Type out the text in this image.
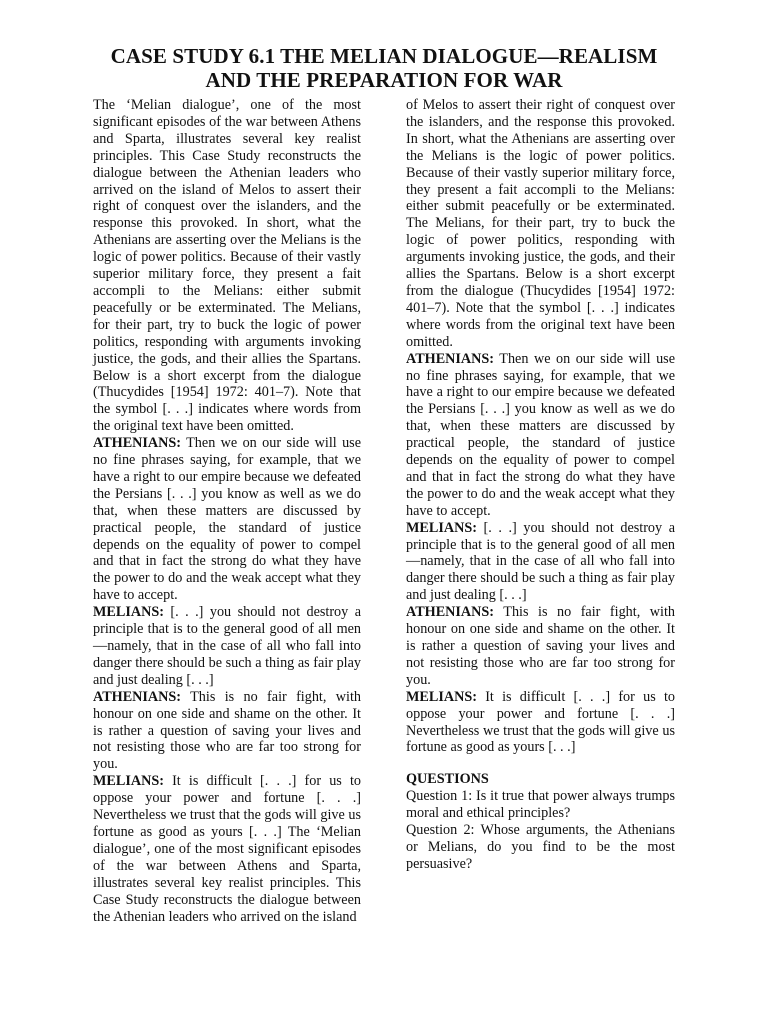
CASE STUDY 6.1 THE MELIAN DIALOGUE—REALISM
AND THE PREPARATION FOR WAR

The ‘Melian dialogue’, one of the most significant episodes of the war between Athens and Sparta, illustrates several key realist principles. This Case Study reconstructs the dialogue between the Athenian leaders who arrived on the island of Melos to assert their right of conquest over the islanders, and the response this provoked. In short, what the Athenians are asserting over the Melians is the logic of power politics. Because of their vastly superior military force, they present a fait accompli to the Melians: either submit peacefully or be exterminated. The Melians, for their part, try to buck the logic of power politics, responding with arguments invoking justice, the gods, and their allies the Spartans. Below is a short excerpt from the dialogue (Thucydides [1954] 1972: 401–7). Note that the symbol [. . .] indicates where words from the original text have been omitted.

ATHENIANS: Then we on our side will use no fine phrases saying, for example, that we have a right to our empire because we defeated the Persians [. . .] you know as well as we do that, when these matters are discussed by practical people, the standard of justice depends on the equality of power to compel and that in fact the strong do what they have the power to do and the weak accept what they have to accept.

MELIANS: [. . .] you should not destroy a principle that is to the general good of all men—namely, that in the case of all who fall into danger there should be such a thing as fair play and just dealing [. . .]

ATHENIANS: This is no fair fight, with honour on one side and shame on the other. It is rather a question of saving your lives and not resisting those who are far too strong for you.

MELIANS: It is difficult [. . .] for us to oppose your power and fortune [. . .] Nevertheless we trust that the gods will give us fortune as good as yours [. . .] The ‘Melian dialogue’, one of the most significant episodes of the war between Athens and Sparta, illustrates several key realist principles. This Case Study reconstructs the dialogue between the Athenian leaders who arrived on the island

of Melos to assert their right of conquest over the islanders, and the response this provoked. In short, what the Athenians are asserting over the Melians is the logic of power politics. Because of their vastly superior military force, they present a fait accompli to the Melians: either submit peacefully or be exterminated. The Melians, for their part, try to buck the logic of power politics, responding with arguments invoking justice, the gods, and their allies the Spartans. Below is a short excerpt from the dialogue (Thucydides [1954] 1972: 401–7). Note that the symbol [. . .] indicates where words from the original text have been omitted.

ATHENIANS: Then we on our side will use no fine phrases saying, for example, that we have a right to our empire because we defeated the Persians [. . .] you know as well as we do that, when these matters are discussed by practical people, the standard of justice depends on the equality of power to compel and that in fact the strong do what they have the power to do and the weak accept what they have to accept.

MELIANS: [. . .] you should not destroy a principle that is to the general good of all men—namely, that in the case of all who fall into danger there should be such a thing as fair play and just dealing [. . .]

ATHENIANS: This is no fair fight, with honour on one side and shame on the other. It is rather a question of saving your lives and not resisting those who are far too strong for you.

MELIANS: It is difficult [. . .] for us to oppose your power and fortune [. . .] Nevertheless we trust that the gods will give us fortune as good as yours [. . .]

QUESTIONS

Question 1: Is it true that power always trumps moral and ethical principles?

Question 2: Whose arguments, the Athenians or Melians, do you find to be the most persuasive?
